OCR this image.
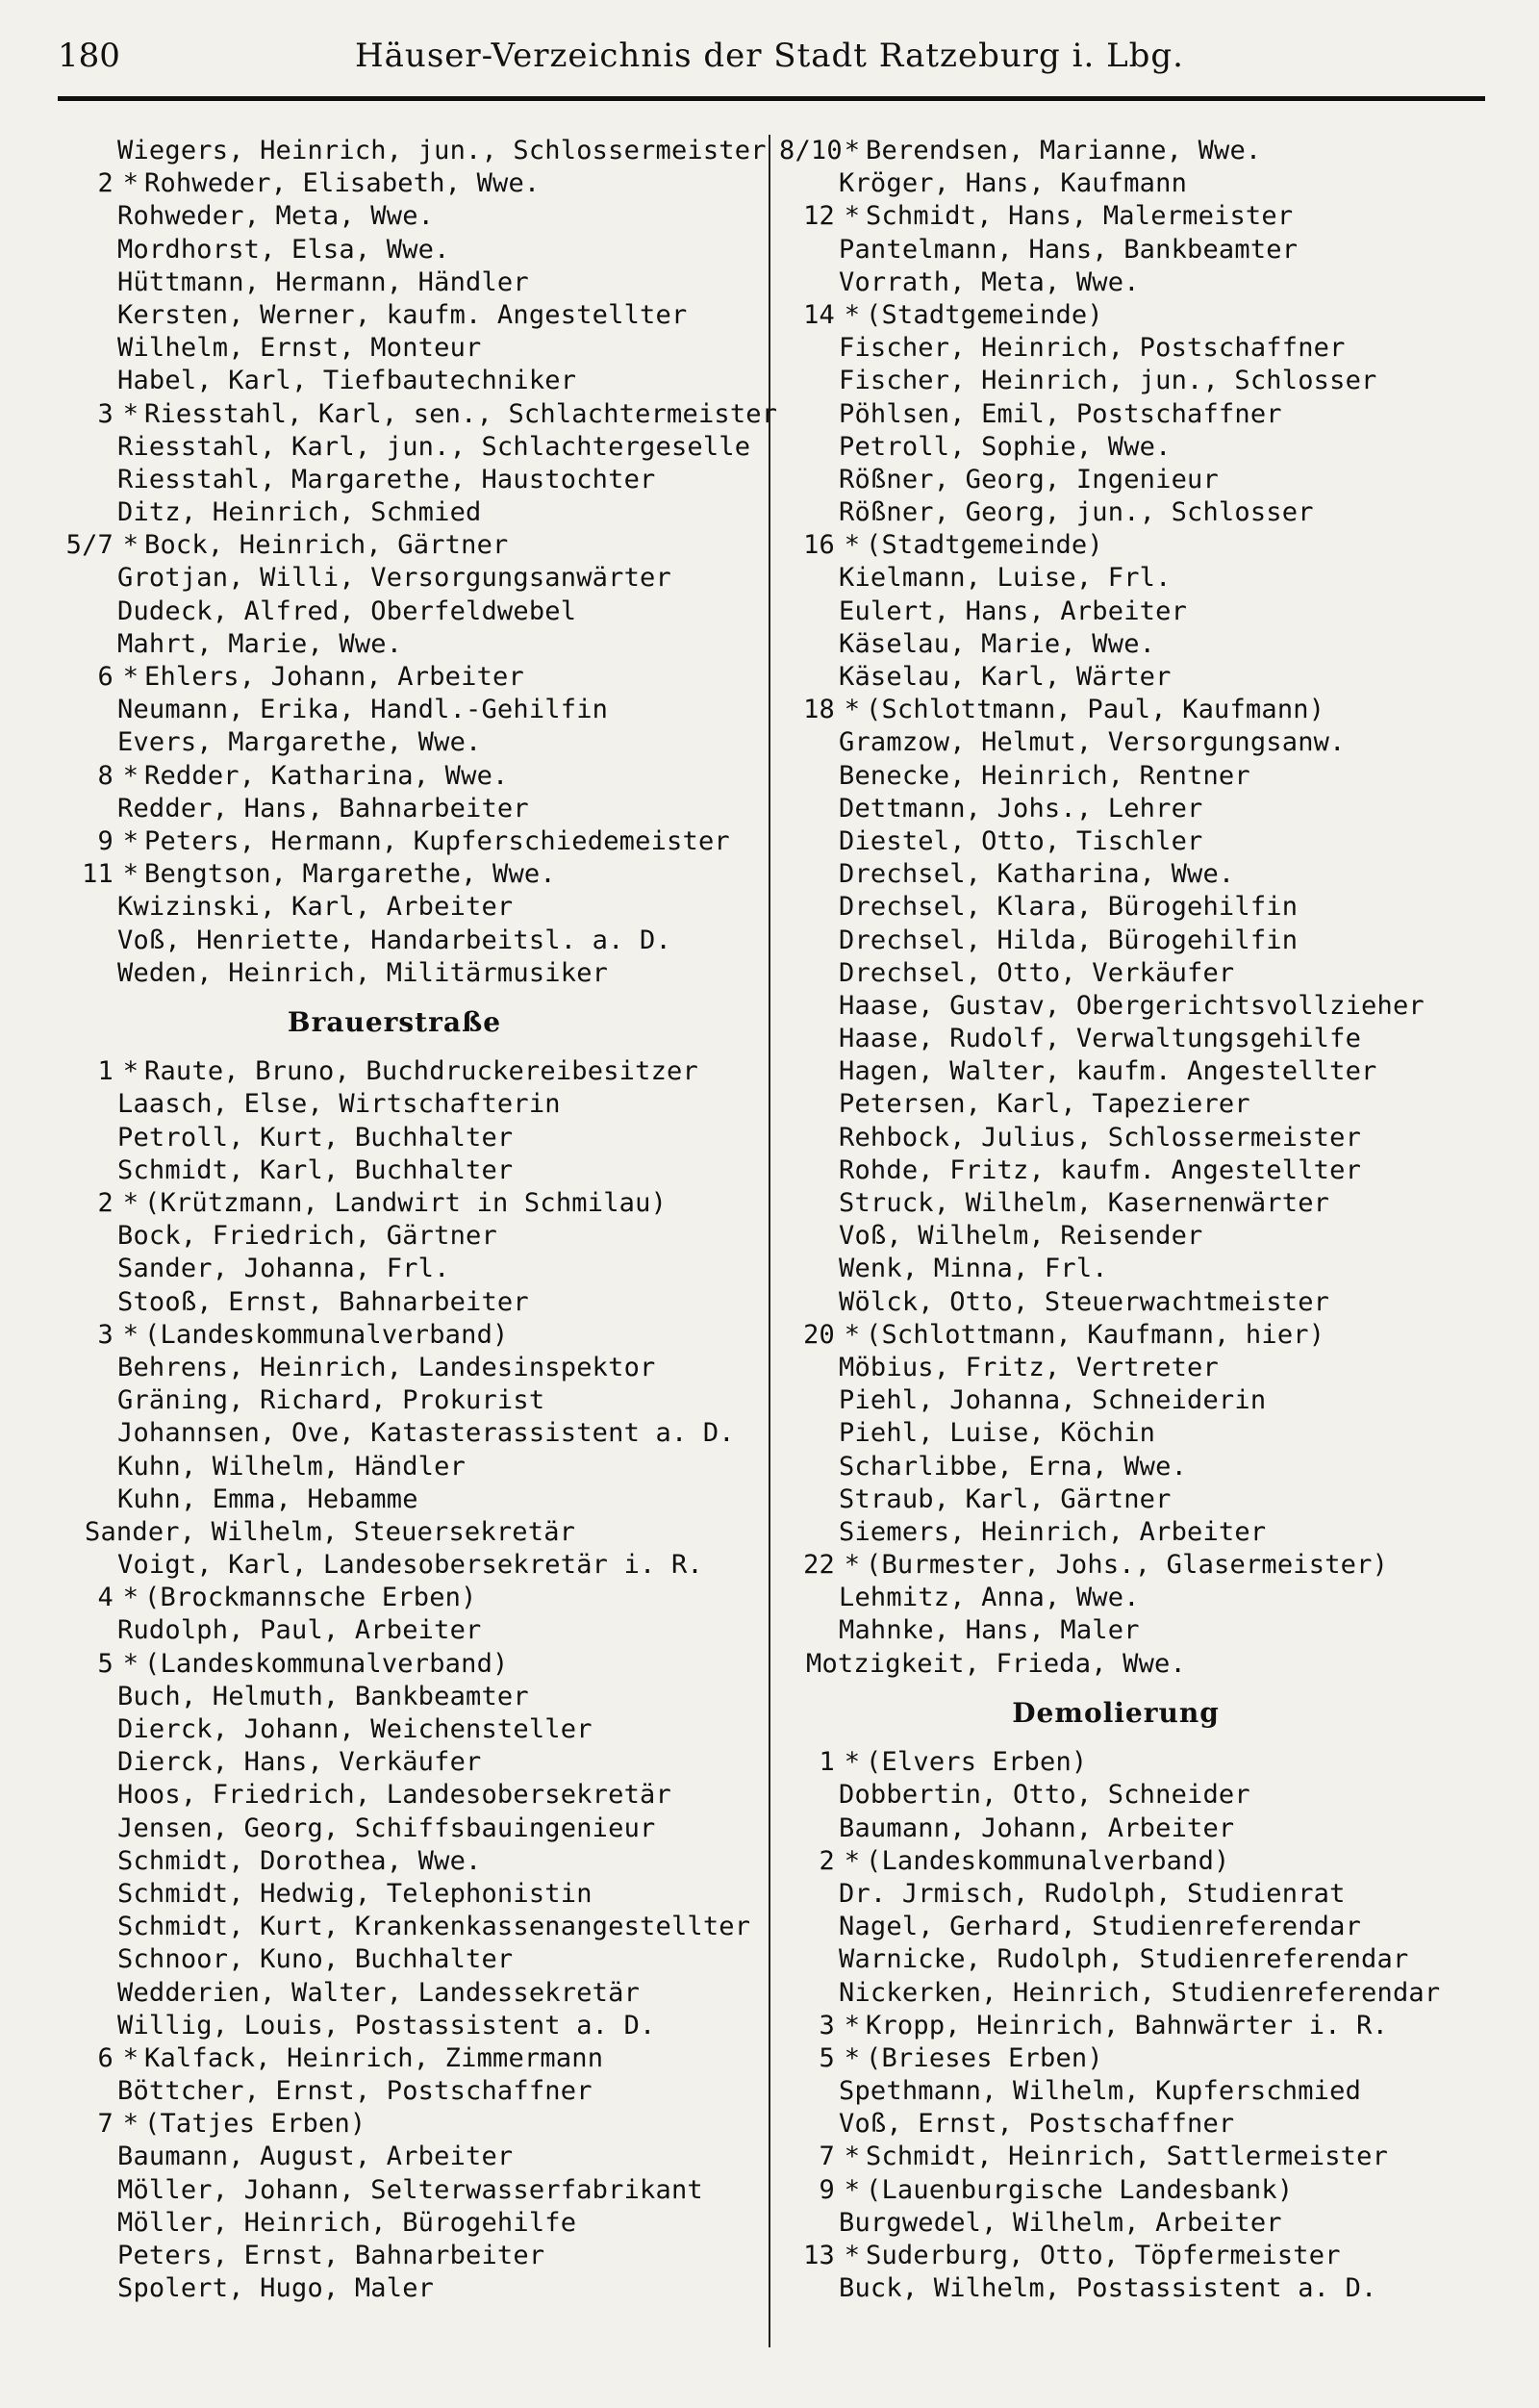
180	Häuser-Verzeichnis der Stadt Ratzeburg i. Lbg.
Wiegers, Heinrich, jun., Schlossermeister
2 * Rohweder, Elisabeth, Wwe.
Rohweder, Meta, Wwe.
Mordhorst, Elsa, Wwe.
Hüttmann, Hermann, Händler
Kersten, Werner, kaufm. Angestellter
Wilhelm, Ernst, Monteur
Habel, Karl, Tiefbautechniker
3 * Riesstahl, Karl, sen., Schlachtermeister
Riesstahl, Karl, jun., Schlachtergeselle
Riesstahl, Margarethe, Haustochter
Ditz, Heinrich, Schmied
5/7 * Bock, Heinrich, Gärtner
Grotjan, Willi, Versorgungsanwärter
Dudeck, Alfred, Oberfeldwebel
Mahrt, Marie, Wwe.
6 * Ehlers, Johann, Arbeiter
Neumann, Erika, Handl.-Gehilfin
Evers, Margarethe, Wwe.
8 * Redder, Katharina, Wwe.
Redder, Hans, Bahnarbeiter
9 * Peters, Hermann, Kupferschiedemeister
11 * Bengtson, Margarethe, Wwe.
Kwizinski, Karl, Arbeiter
Voß, Henriette, Handarbeitsl. a. D.
Weden, Heinrich, Militärmusiker
Brauerstraße
1 * Raute, Bruno, Buchdruckereibesitzer
Laasch, Else, Wirtschafterin
Petroll, Kurt, Buchhalter
Schmidt, Karl, Buchhalter
2 * (Krützmann, Landwirt in Schmilau)
Bock, Friedrich, Gärtner
Sander, Johanna, Frl.
Stooß, Ernst, Bahnarbeiter
3 * (Landeskommunalverband)
Behrens, Heinrich, Landesinspektor
Gräning, Richard, Prokurist
Johannsen, Ove, Katasterassistent a. D.
Kuhn, Wilhelm, Händler
Kuhn, Emma, Hebamme
Sander, Wilhelm, Steuersekretär
Voigt, Karl, Landesobersekretär i. R.
4 * (Brockmannsche Erben)
Rudolph, Paul, Arbeiter
5 * (Landeskommunalverband)
Buch, Helmuth, Bankbeamter
Dierck, Johann, Weichensteller
Dierck, Hans, Verkäufer
Hoos, Friedrich, Landesobersekretär
Jensen, Georg, Schiffsbauingenieur
Schmidt, Dorothea, Wwe.
Schmidt, Hedwig, Telephonistin
Schmidt, Kurt, Krankenkassenangestellter
Schnoor, Kuno, Buchhalter
Wedderien, Walter, Landessekretär
Willig, Louis, Postassistent a. D.
6 * Kalfack, Heinrich, Zimmermann
Böttcher, Ernst, Postschaffner
7 * (Tatjes Erben)
Baumann, August, Arbeiter
Möller, Johann, Selterwasserfabrikant
Möller, Heinrich, Bürogehilfe
Peters, Ernst, Bahnarbeiter
Spolert, Hugo, Maler
8/10 * Berendsen, Marianne, Wwe.
Kröger, Hans, Kaufmann
12 * Schmidt, Hans, Malermeister
Pantelmann, Hans, Bankbeamter
Vorrath, Meta, Wwe.
14 * (Stadtgemeinde)
Fischer, Heinrich, Postschaffner
Fischer, Heinrich, jun., Schlosser
Pöhlsen, Emil, Postschaffner
Petroll, Sophie, Wwe.
Rößner, Georg, Ingenieur
Rößner, Georg, jun., Schlosser
16 * (Stadtgemeinde)
Kielmann, Luise, Frl.
Eulert, Hans, Arbeiter
Käselau, Marie, Wwe.
Käselau, Karl, Wärter
18 * (Schlottmann, Paul, Kaufmann)
Gramzow, Helmut, Versorgungsanw.
Benecke, Heinrich, Rentner
Dettmann, Johs., Lehrer
Diestel, Otto, Tischler
Drechsel, Katharina, Wwe.
Drechsel, Klara, Bürogehilfin
Drechsel, Hilda, Bürogehilfin
Drechsel, Otto, Verkäufer
Haase, Gustav, Obergerichtsvollzieher
Haase, Rudolf, Verwaltungsgehilfe
Hagen, Walter, kaufm. Angestellter
Petersen, Karl, Tapezierer
Rehbock, Julius, Schlossermeister
Rohde, Fritz, kaufm. Angestellter
Struck, Wilhelm, Kasernenwärter
Voß, Wilhelm, Reisender
Wenk, Minna, Frl.
Wölck, Otto, Steuerwachtmeister
20 * (Schlottmann, Kaufmann, hier)
Möbius, Fritz, Vertreter
Piehl, Johanna, Schneiderin
Piehl, Luise, Köchin
Scharlibbe, Erna, Wwe.
Straub, Karl, Gärtner
Siemers, Heinrich, Arbeiter
22 * (Burmester, Johs., Glasermeister)
Lehmitz, Anna, Wwe.
Mahnke, Hans, Maler
Motzigkeit, Frieda, Wwe.
Demolierung
1 * (Elvers Erben)
Dobbertin, Otto, Schneider
Baumann, Johann, Arbeiter
2 * (Landeskommunalverband)
Dr. Jrmisch, Rudolph, Studienrat
Nagel, Gerhard, Studienreferendar
Warnicke, Rudolph, Studienreferendar
Nickerken, Heinrich, Studienreferendar
3 * Kropp, Heinrich, Bahnwärter i. R.
5 * (Brieses Erben)
Spethmann, Wilhelm, Kupferschmied
Voß, Ernst, Postschaffner
7 * Schmidt, Heinrich, Sattlermeister
9 * (Lauenburgische Landesbank)
Burgwedel, Wilhelm, Arbeiter
13 * Suderburg, Otto, Töpfermeister
Buck, Wilhelm, Postassistent a. D.
